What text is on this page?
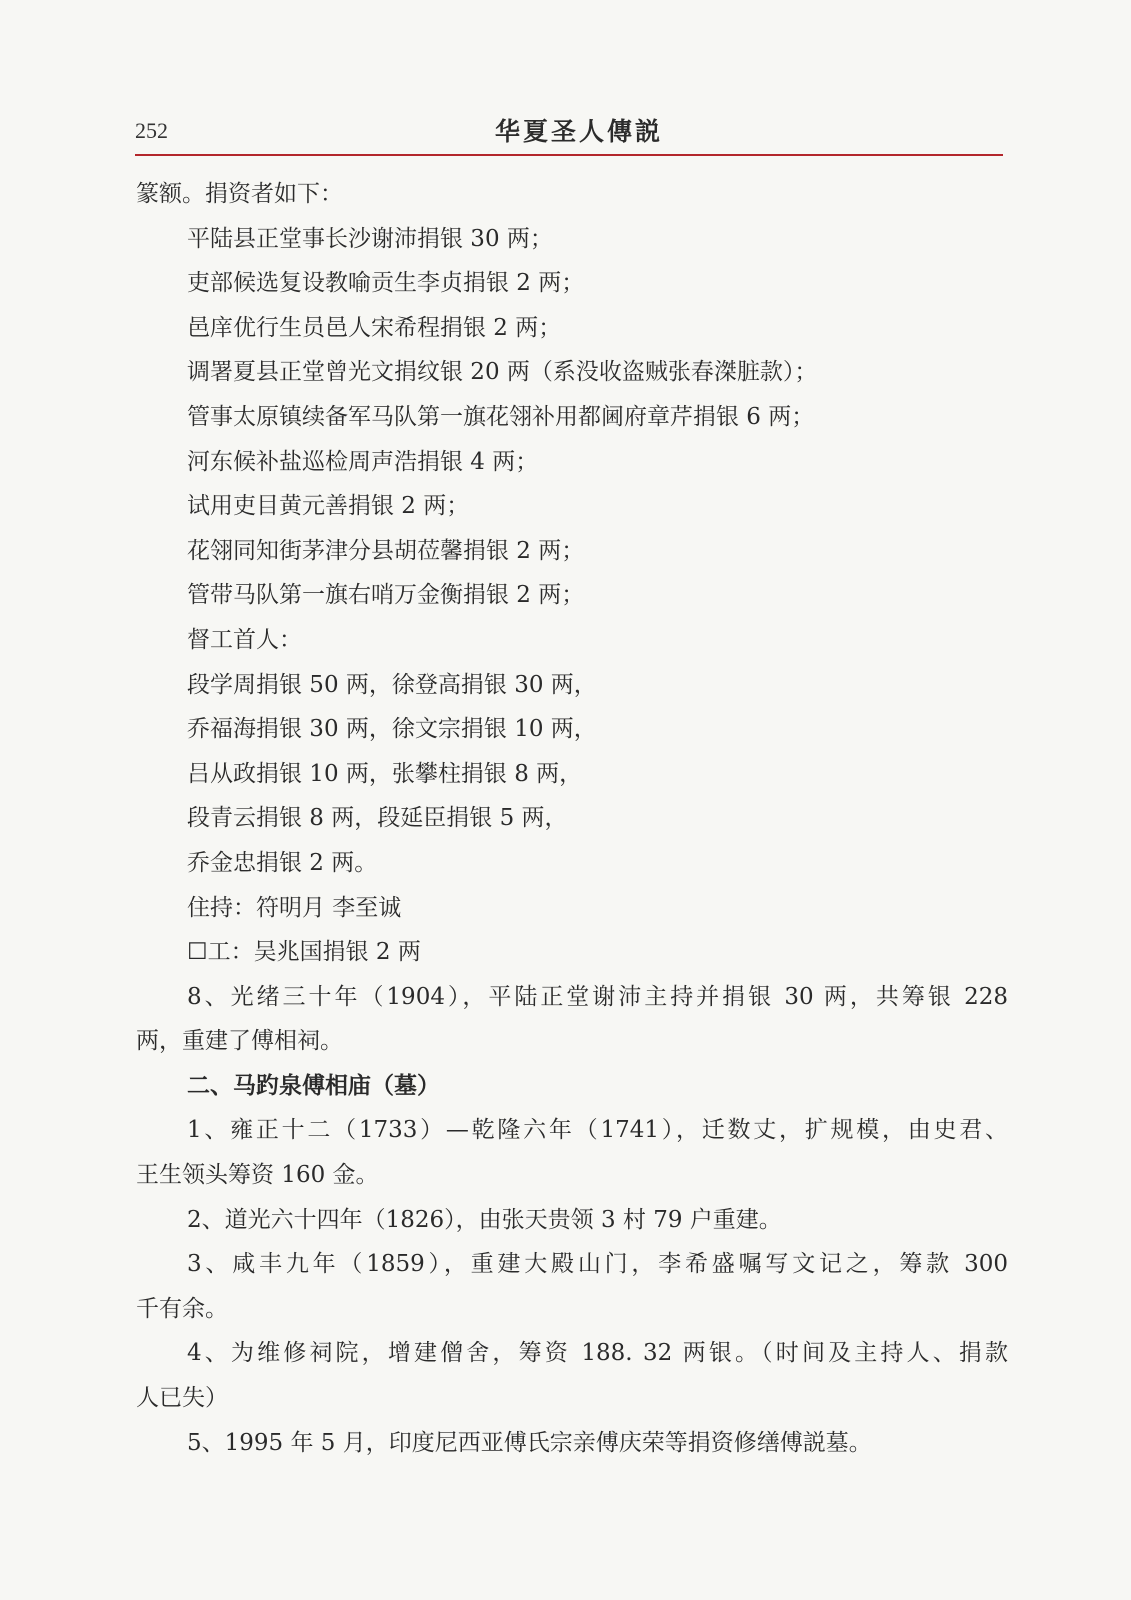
252	华夏圣人傳説
篆额。捐资者如下：
平陆县正堂事长沙谢沛捐银 30 两；
吏部候选复设教喻贡生李贞捐银 2 两；
邑庠优行生员邑人宋希程捐银 2 两；
调署夏县正堂曾光文捐纹银 20 两（系没收盗贼张春滐脏款）；
管事太原镇续备军马队第一旗花翎补用都阃府章芹捐银 6 两；
河东候补盐巡检周声浩捐银 4 两；
试用吏目黄元善捐银 2 两；
花翎同知街茅津分县胡莅馨捐银 2 两；
管带马队第一旗右哨万金衡捐银 2 两；
督工首人：
段学周捐银 50 两，徐登高捐银 30 两，
乔福海捐银 30 两，徐文宗捐银 10 两，
吕从政捐银 10 两，张攀柱捐银 8 两，
段青云捐银 8 两，段延臣捐银 5 两，
乔金忠捐银 2 两。
住持：符明月 李至诚
☐工：吴兆国捐银 2 两
8、光绪三十年（1904），平陆正堂谢沛主持并捐银 30 两，共筹银 228
两，重建了傅相祠。
二、马趵泉傅相庙（墓）
1、雍正十二（1733）—乾隆六年（1741），迁数丈，扩规模，由史君、
王生领头筹资 160 金。
2、道光六十四年（1826），由张天贵领 3 村 79 户重建。
3、咸丰九年（1859），重建大殿山门，李希盛嘱写文记之，筹款 300
千有余。
4、为维修祠院，增建僧舍，筹资 188. 32 两银。（时间及主持人、捐款
人已失）
5、1995 年 5 月，印度尼西亚傅氏宗亲傅庆荣等捐资修缮傅説墓。
